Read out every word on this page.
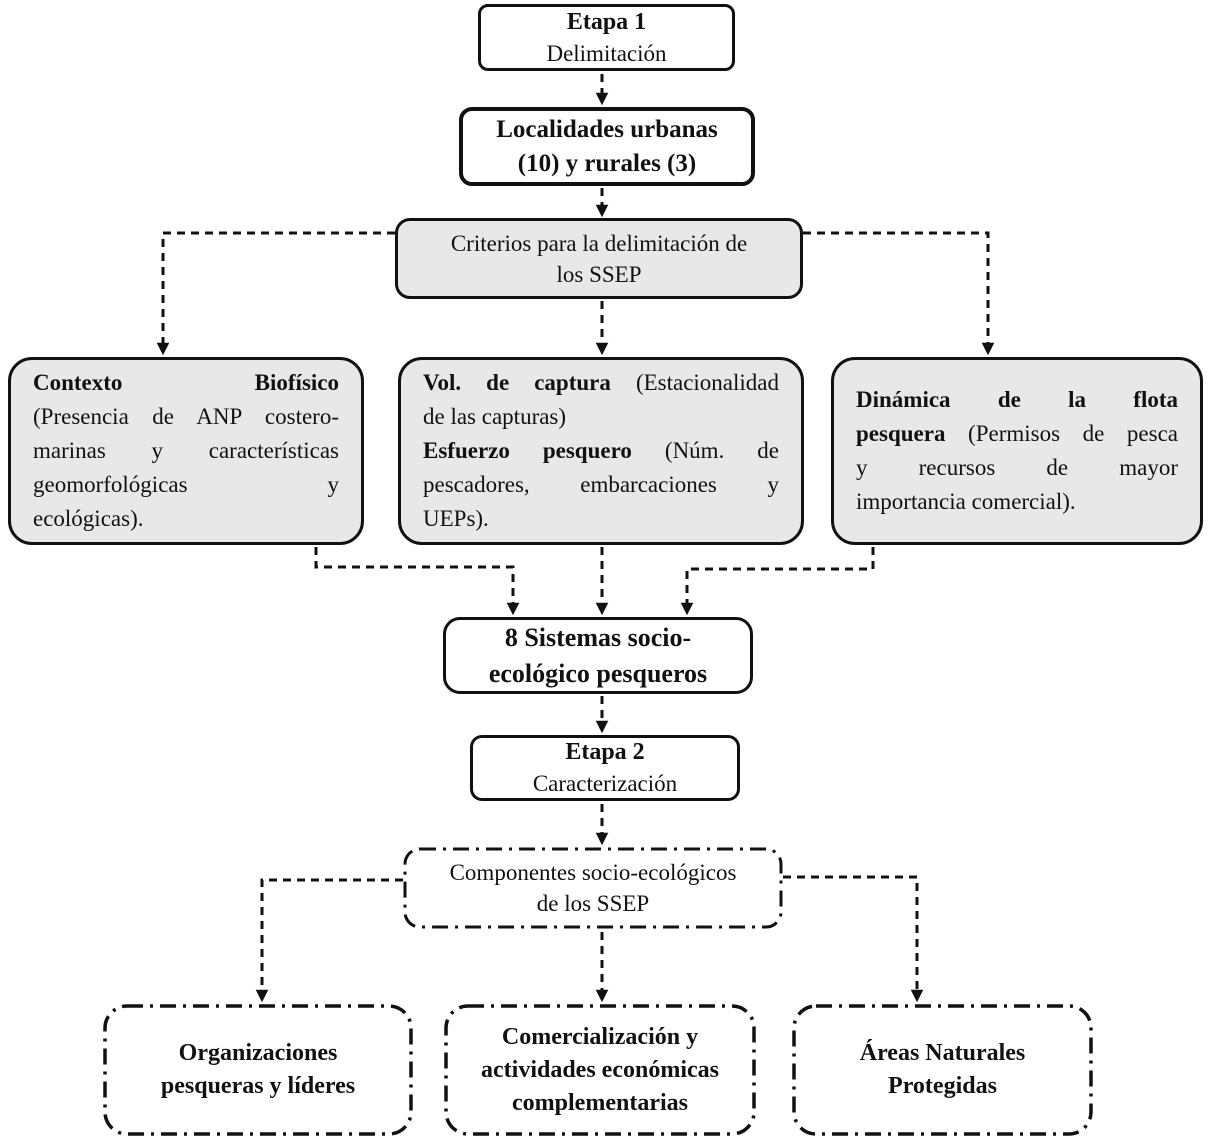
Etapa 1
Delimitación
Localidades urbanas
(10) y rurales (3)
Criterios para la delimitación de
los SSEP
Contexto Biofísico
(Presencia de ANP costero-
marinas y características
geomorfológicas y
ecológicas).
Vol. de captura (Estacionalidad
de las capturas)
Esfuerzo pesquero (Núm. de
pescadores, embarcaciones y
UEPs).
Dinámica de la flota
pesquera (Permisos de pesca
y recursos de mayor
importancia comercial).
8 Sistemas socio-
ecológico pesqueros
Etapa 2
Caracterización
Componentes socio-ecológicos
de los SSEP
Organizaciones
pesqueras y líderes
Comercialización y
actividades económicas
complementarias
Áreas Naturales
Protegidas
